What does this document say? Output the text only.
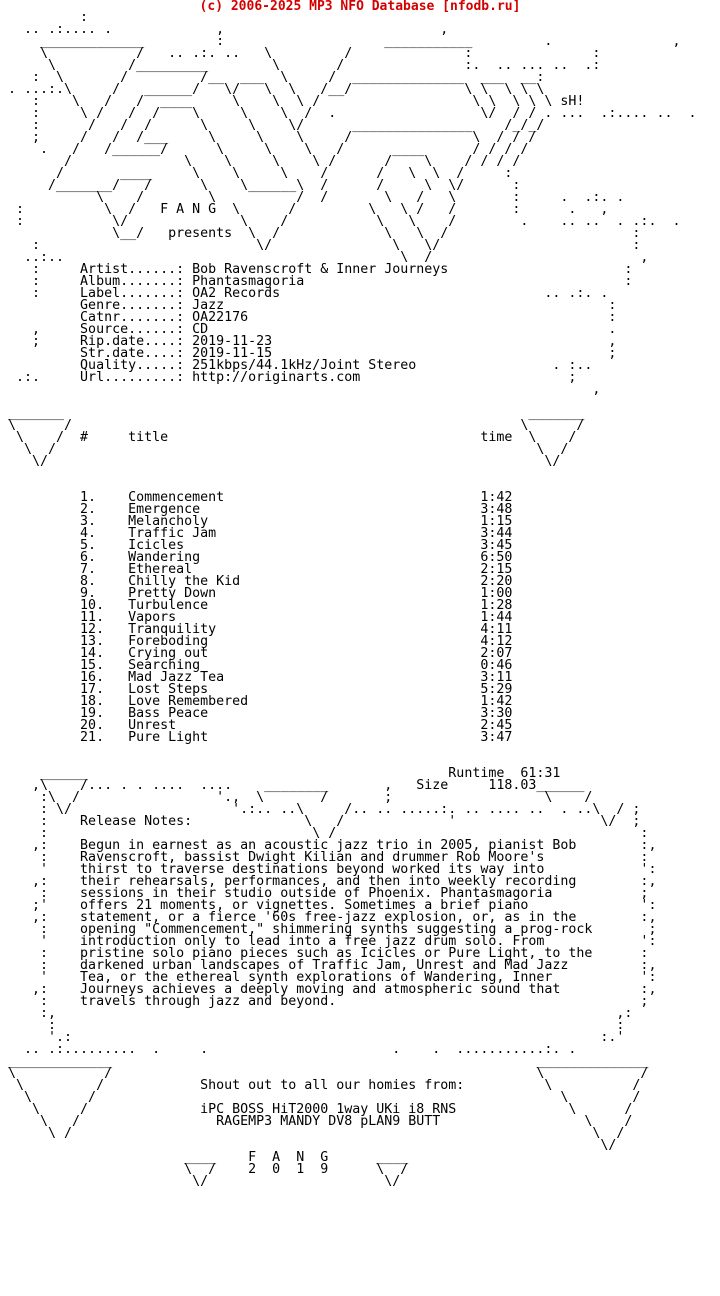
(c) 2006-2025 MP3 NFO Database [nfodb.ru]
:
.. .:.... .             ,                           ,
_____________         :                    ___________         .               ,
\           /   .. .:. ..   \         /              :               :
\         /_________        \       /               :.  .. ... ..  .:
:  \       /         /__  ___  \     /  ______________  ___  __:
. ...:.\     /   ______/   \/   \  \   /__/              \ \  \ \ \
:    \   /   /  ____     \    \  \ /                   \ \  \ \ \ sH!
:     \ /   /  /    \     \    \  /  .                  \/  / / . ...  .:.... ..  .
:      /   /  /      \     \    \/      _______________    /_/_/
;     /   /  /___     \     \    \     /               \  / / /
.   /   /______/      \     \    \   /      ____      / / / /
/              \    \     \    \ /      /    \    / / / /
/       ____     \    \     \    /      /   \  \  /     :
/_______/   /      \    \______\  /      /     \  \/      :
\    /        \          /  /       \   /   \       :     .  .:. .
:          \  /   F A N G  \      /         \   \ /   /       :      .   ,
:           \/              \    /           \   \    /        .    .. ..  . .:.  .
\__/   presents  \  /             \   \  /                       :
:                           \/               \   \/                        :
..:..                                          \  /                          ,
:     Artist......: Bob Ravenscroft & Inner Journeys                      :
:     Album.......: Phantasmagoria                                        :
:     Label.......: OA2 Records                                 .. .:. .
Genre.......: Jazz                                                :
Catnr.......: OA22176                                             :
,     Source......: CD                                                  .
;     Rip.date....: 2019-11-23                                          ,
Str.date....: 2019-11-15                                          ;
Quality.....: 251kbps/44.1kHz/Joint Stereo                 . :..
.:.     Url.........: http://originarts.com                          ;
,

_______                                                          _______
\      /                                                        \      /
\    /  #     title                                       time  \    /
\  /                                                            \  /
\/                                                              \/

1.    Commencement                                1:42
2.    Emergence                                   3:48
3.    Melancholy                                  1:15
4.    Traffic Jam                                 3:44
5.    Icicles                                     3:45
6.    Wandering                                   6:50
7.    Ethereal                                    2:15
8.    Chilly the Kid                              2:20
9.    Pretty Down                                 1:00
10.   Turbulence                                  1:28
11.   Vapors                                      1:44
12.   Tranquility                                 4:11
13.   Foreboding                                  4:12
14.   Crying out                                  2:07
15.   Searching                                   0:46
16.   Mad Jazz Tea                                3:11
17.   Lost Steps                                  5:29
18.   Love Remembered                             1:42
19.   Bass Peace                                  3:30
20.   Unrest                                      2:45
21.   Pure Light                                  3:47

______                                             Runtime  61:31
,\    /... . . ....  ....    ________       ,   Size     118.03______
:\  /                 '.,  \       /       ;                   \    /
: \/                    '.:.. ..\     /.. .. .....:. .. .... ..  . ..\  / ;
:    Release Notes:              \   /             '                  \/  ;
:                                 \ /                                      :
,:    Begun in earnest as an acoustic jazz trio in 2005, pianist Bob        :,
:    Ravenscroft, bassist Dwight Kilian and drummer Rob Moore's            :
'    thirst to traverse destinations beyond worked its way into            ':
,:    their rehearsals, performances, and then into weekly recording        :,
:    sessions in their studio outside of Phoenix. Phantasmagoria           ;
;'    offers 21 moments, or vignettes. Sometimes a brief piano              ':
,:    statement, or a fierce '60s free-jazz explosion, or, as in the        :,
:    opening "Commencement," shimmering synths suggesting a prog-rock       ;
'    introduction only to lead into a free jazz drum solo. From            ':
:    pristine solo piano pieces such as Icicles or Pure Light, to the      :
:    darkened urban landscapes of Traffic Jam, Unrest and Mad Jazz         :,
'    Tea, or the ethereal synth explorations of Wandering, Inner           ':
,:    Journeys achieves a deeply moving and atmospheric sound that          :,
:    travels through jazz and beyond.                                      ;
:,                                                                      ,:
:                                                                      :
'.:                                                                  :.'
.. .:.........  .     .                       .    .  ...........:. .
_____________                                                     ______________
\           /                                                     \            /
\         /            Shout out to all our homies from:          \          /
\       /                                                          \        /
\     /              iPC BOSS HiT2000 1way UKi i8 RNS              \      /
\   /                 RAGEMP3 MANDY DV8 pLAN9 BUTT                  \    /
\ /                                                                 \  /
\/
____    F  A  N  G      ____
\  /    2  0  1  9      \  /
\/                      \/
